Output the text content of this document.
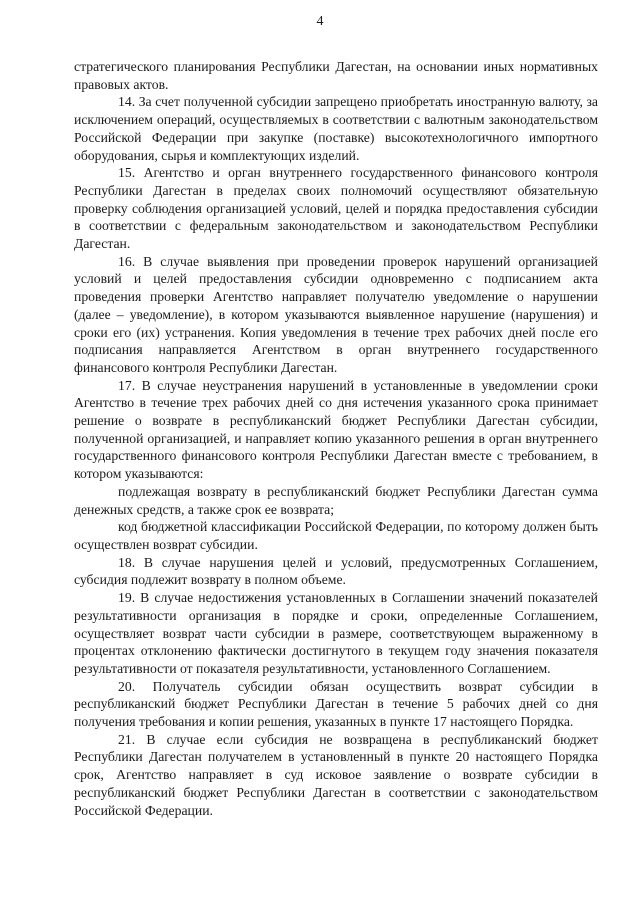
4

стратегического планирования Республики Дагестан, на основании иных нормативных правовых актов.

14. За счет полученной субсидии запрещено приобретать иностранную валюту, за исключением операций, осуществляемых в соответствии с валютным законодательством Российской Федерации при закупке (поставке) высокотехнологичного импортного оборудования, сырья и комплектующих изделий.

15. Агентство и орган внутреннего государственного финансового контроля Республики Дагестан в пределах своих полномочий осуществляют обязательную проверку соблюдения организацией условий, целей и порядка предоставления субсидии в соответствии с федеральным законодательством и законодательством Республики Дагестан.

16. В случае выявления при проведении проверок нарушений организацией условий и целей предоставления субсидии одновременно с подписанием акта проведения проверки Агентство направляет получателю уведомление о нарушении (далее – уведомление), в котором указываются выявленное нарушение (нарушения) и сроки его (их) устранения. Копия уведомления в течение трех рабочих дней после его подписания направляется Агентством в орган внутреннего государственного финансового контроля Республики Дагестан.

17. В случае неустранения нарушений в установленные в уведомлении сроки Агентство в течение трех рабочих дней со дня истечения указанного срока принимает решение о возврате в республиканский бюджет Республики Дагестан субсидии, полученной организацией, и направляет копию указанного решения в орган внутреннего государственного финансового контроля Республики Дагестан вместе с требованием, в котором указываются:

подлежащая возврату в республиканский бюджет Республики Дагестан сумма денежных средств, а также срок ее возврата;

код бюджетной классификации Российской Федерации, по которому должен быть осуществлен возврат субсидии.

18. В случае нарушения целей и условий, предусмотренных Соглашением, субсидия подлежит возврату в полном объеме.

19. В случае недостижения установленных в Соглашении значений показателей результативности организация в порядке и сроки, определенные Соглашением, осуществляет возврат части субсидии в размере, соответствующем выраженному в процентах отклонению фактически достигнутого в текущем году значения показателя результативности от показателя результативности, установленного Соглашением.

20. Получатель субсидии обязан осуществить возврат субсидии в республиканский бюджет Республики Дагестан в течение 5 рабочих дней со дня получения требования и копии решения, указанных в пункте 17 настоящего Порядка.

21. В случае если субсидия не возвращена в республиканский бюджет Республики Дагестан получателем в установленный в пункте 20 настоящего Порядка срок, Агентство направляет в суд исковое заявление о возврате субсидии в республиканский бюджет Республики Дагестан в соответствии с законодательством Российской Федерации.
